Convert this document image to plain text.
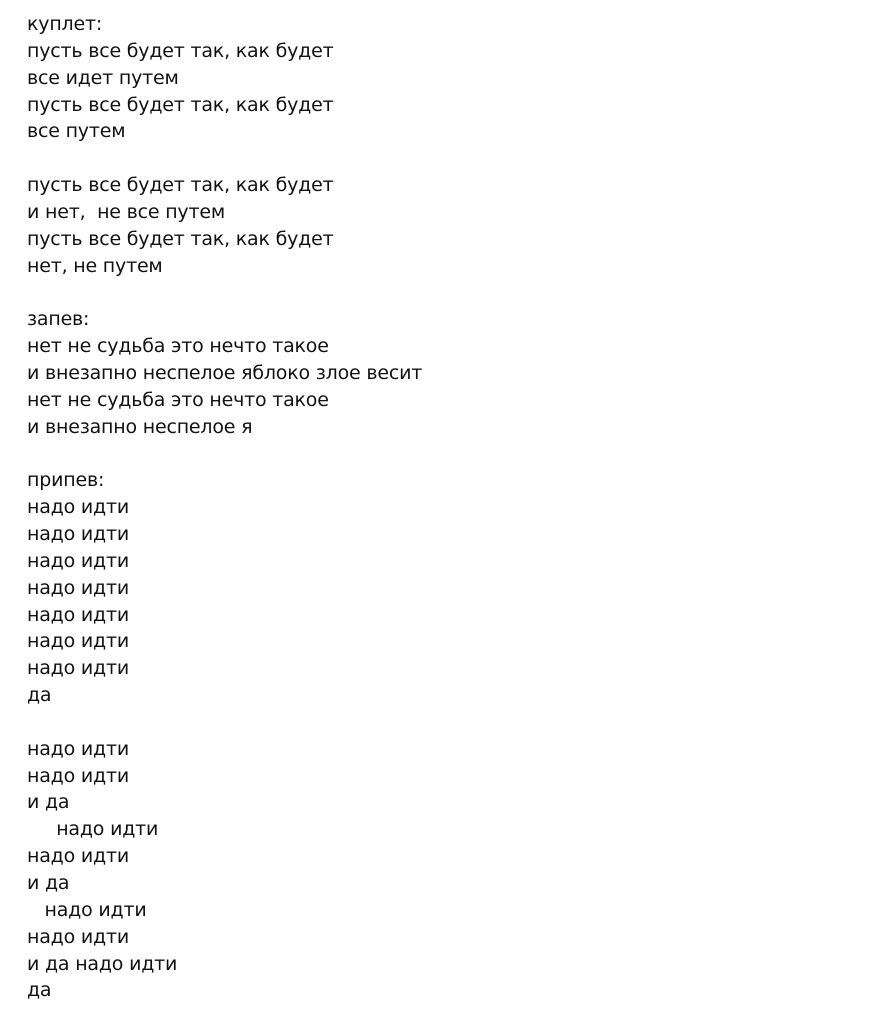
куплет:
пусть все будет так, как будет
все идет путем
пусть все будет так, как будет
все путем
пусть все будет так, как будет
и нет,  не все путем
пусть все будет так, как будет
нет, не путем
запев:
нет не судьба это нечто такое
и внезапно неспелое яблоко злое весит
нет не судьба это нечто такое
и внезапно неспелое я
припев:
надо идти
надо идти
надо идти
надо идти
надо идти
надо идти
надо идти
да
надо идти
надо идти
и да
надо идти
надо идти
и да
надо идти
надо идти
и да надо идти
да
